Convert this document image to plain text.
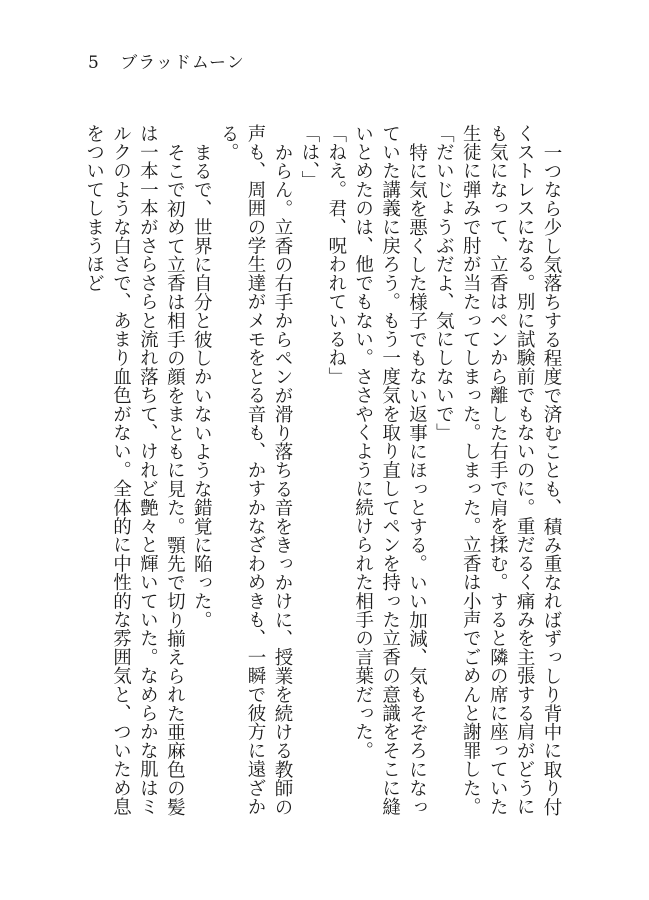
5 ブラッドムーン

一つなら少し気落ちする程度で済むことも、積み重なればずっしり背中に取り付くストレスになる。別に試験前でもないのに。重だるく痛みを主張する肩がどうにも気になって、立香はペンから離した右手で肩を揉む。すると隣の席に座っていた生徒に弾みで肘が当たってしまった。しまった。立香は小声でごめんと謝罪した。

「だいじょうぶだよ、気にしないで」

特に気を悪くした様子でもない返事にほっとする。いい加減、気もそぞろになっていた講義に戻ろう。もう一度気を取り直してペンを持った立香の意識をそこに縫いとめたのは、他でもない。ささやくように続けられた相手の言葉だった。

「ねえ。君、呪われているね」

「は、」

からん。立香の右手からペンが滑り落ちる音をきっかけに、授業を続ける教師の声も、周囲の学生達がメモをとる音も、かすかなざわめきも、一瞬で彼方に遠ざかる。

まるで、世界に自分と彼しかいないような錯覚に陥った。

そこで初めて立香は相手の顔をまともに見た。顎先で切り揃えられた亜麻色の髪は一本一本がさらさらと流れ落ちて、けれど艶々と輝いていた。なめらかな肌はミルクのような白さで、あまり血色がない。全体的に中性的な雰囲気と、ついため息をついてしまうほど
